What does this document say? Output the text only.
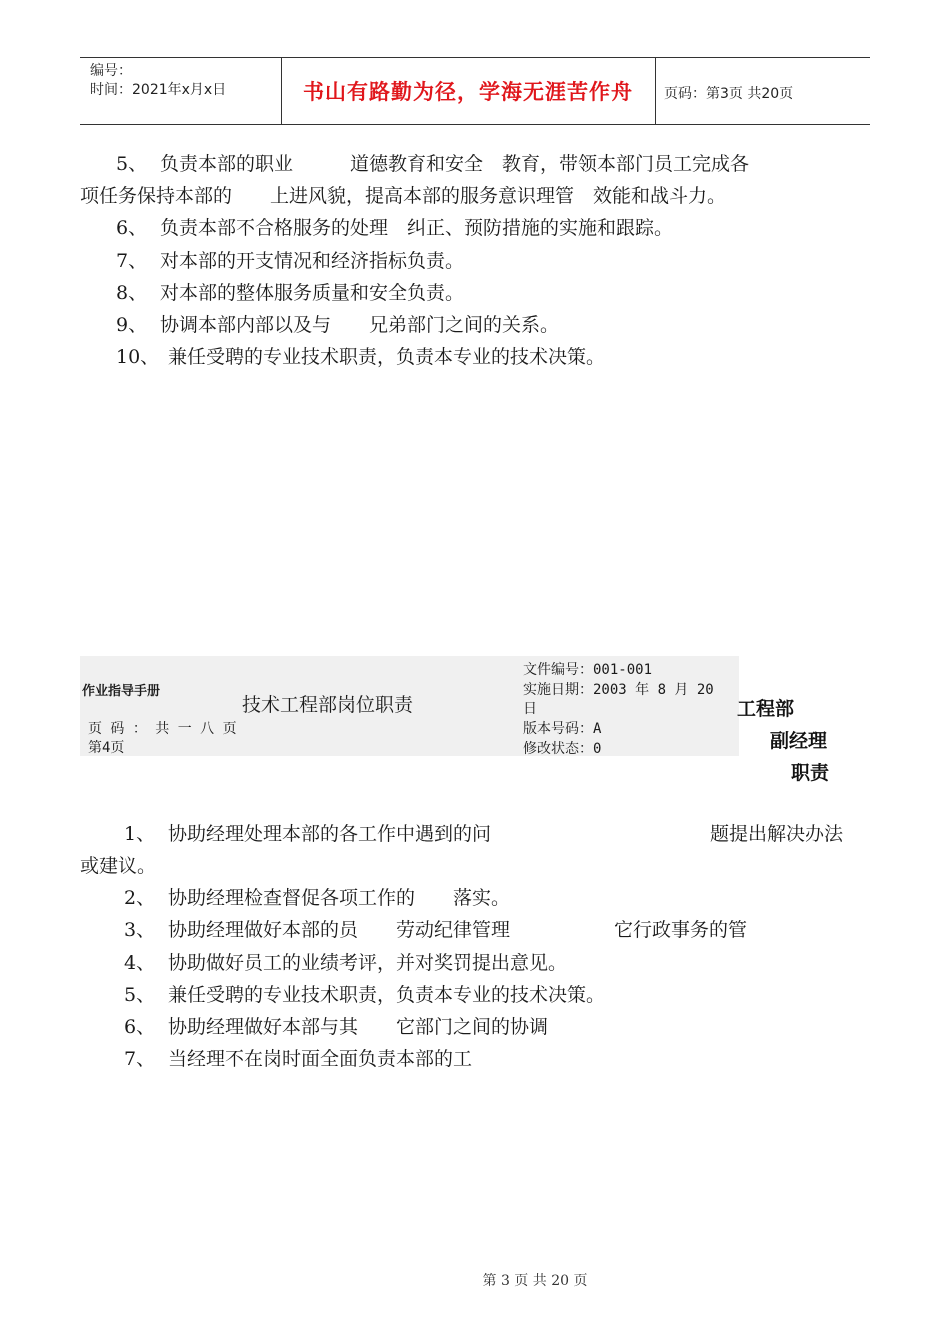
编号：
时间：2021年x月x日	书山有路勤为径，学海无涯苦作舟	页码：第3页 共20页
5、 负责本部的职业　　　道德教育和安全　教育，带领本部门员工完成各
项任务保持本部的　　上进风貌，提高本部的服务意识理管　效能和战斗力。
6、 负责本部不合格服务的处理　纠正、预防措施的实施和跟踪。
7、 对本部的开支情况和经济指标负责。
8、 对本部的整体服务质量和安全负责。
9、 协调本部内部以及与　　兄弟部门之间的关系。
10、 兼任受聘的专业技术职责，负责本专业的技术决策。
作业指导手册
技术工程部岗位职责
页 码 ： 共 一 八 页
第4页
文件编号：001-001
实施日期：2003 年 8 月 20
日
版本号码：A
修改状态：0
工程部
副经理
职责
1、 协助经理处理本部的各工作中遇到的问	题提出解决办法
或建议。
2、 协助经理检查督促各项工作的　　落实。
3、 协助经理做好本部的员　　劳动纪律管理	它行政事务的管
4、 协助做好员工的业绩考评，并对奖罚提出意见。
5、 兼任受聘的专业技术职责，负责本专业的技术决策。
6、 协助经理做好本部与其　　它部门之间的协调
7、 当经理不在岗时面全面负责本部的工
第 3 页 共 20 页
